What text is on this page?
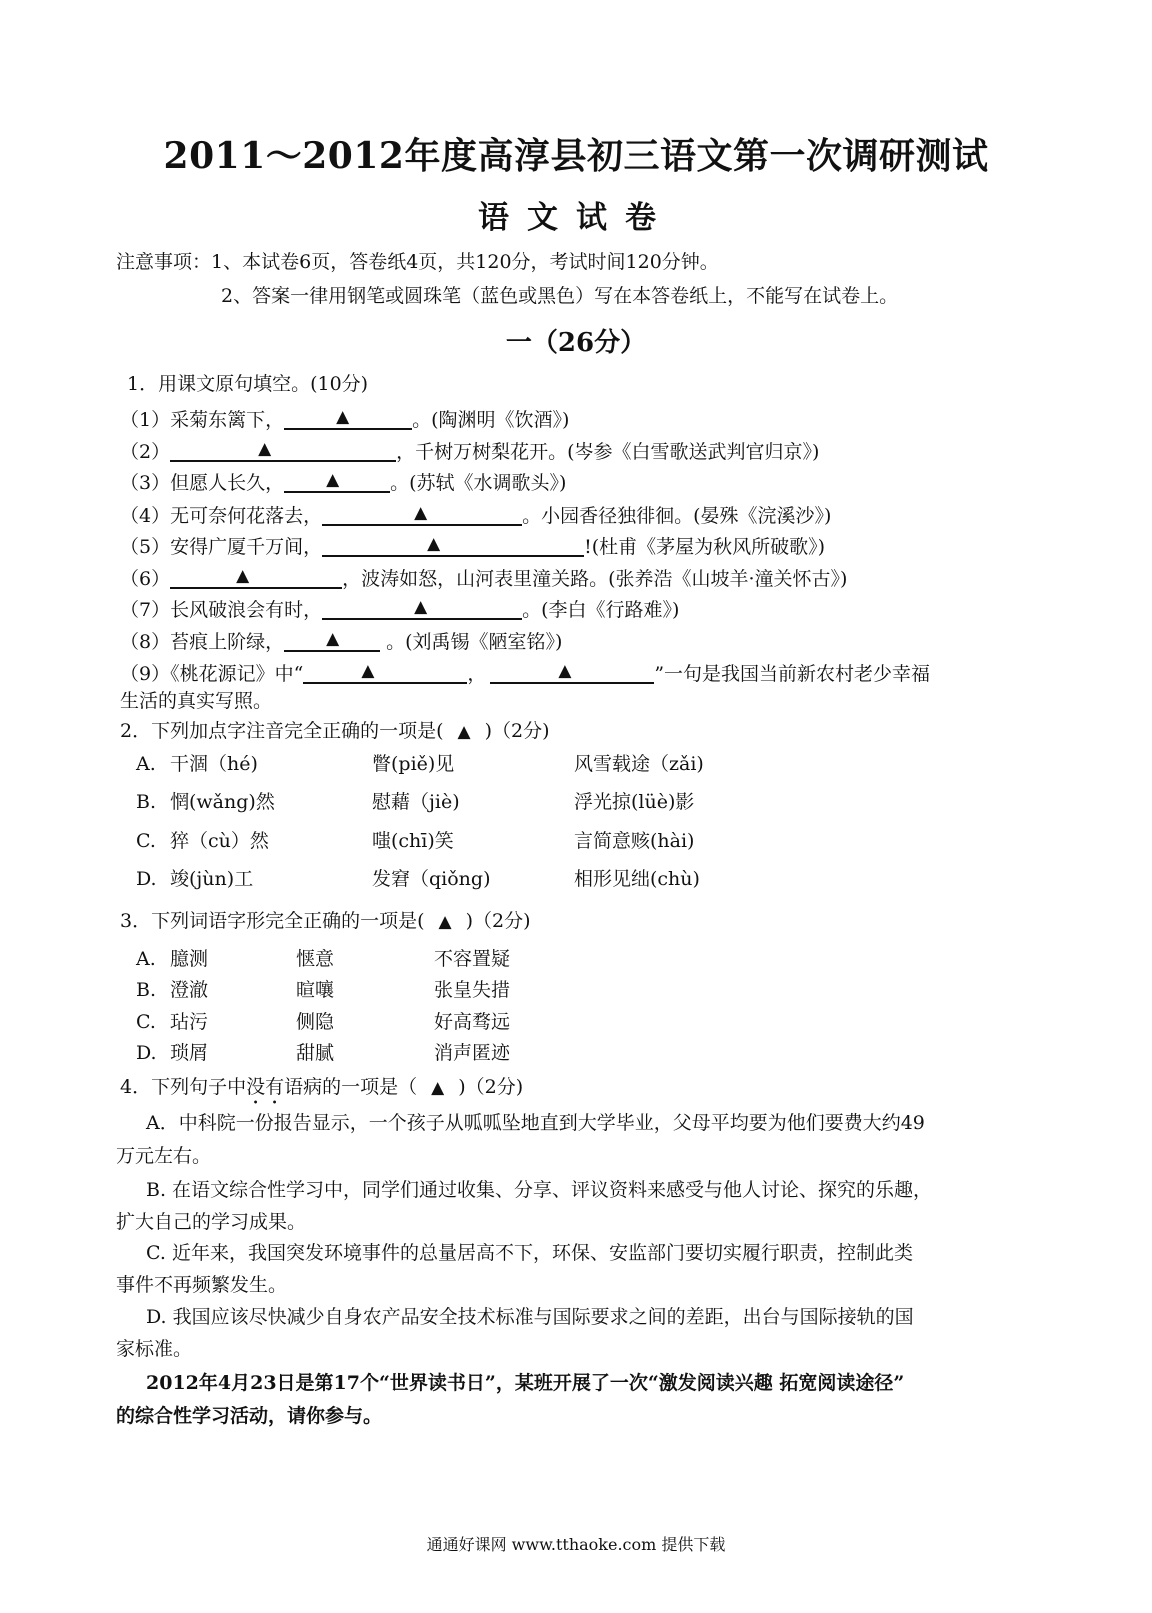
2011～2012年度高淳县初三语文第一次调研测试
语文试卷
注意事项：1、本试卷6页，答卷纸4页，共120分，考试时间120分钟。
2、答案一律用钢笔或圆珠笔（蓝色或黑色）写在本答卷纸上，不能写在试卷上。
一（26分）
1．用课文原句填空。(10分)
（1）采菊东篱下，	▲	。(陶渊明《饮酒》)
（2）	▲	，千树万树梨花开。(岑参《白雪歌送武判官归京》)
（3）但愿人长久， ▲	。(苏轼《水调歌头》)
（4）无可奈何花落去，	▲	。小园香径独徘徊。(晏殊《浣溪沙》)
（5）安得广厦千万间，	▲	!(杜甫《茅屋为秋风所破歌》)
（6）	▲	，波涛如怒，山河表里潼关路。(张养浩《山坡羊·潼关怀古》)
（7）长风破浪会有时，	▲	。(李白《行路难》)
（8）苔痕上阶绿， ▲ 。(刘禹锡《陋室铭》)
（9）《桃花源记》中“	▲	，	▲	”一句是我国当前新农村老少幸福
生活的真实写照。
2．下列加点字注音完全正确的一项是( ▲ )（2分)
A. 干涸（hé)	瞥(piě)见	风雪载途（zǎi)
B. 惘(wǎng)然	慰藉（jiè)	浮光掠(lüè)影
C. 猝（cù）然	嗤(chī)笑	言简意赅(hài)
D. 竣(jùn)工	发窘（qiǒng)	相形见绌(chù)
3．下列词语字形完全正确的一项是( ▲ )（2分)
A. 臆测	惬意	不容置疑
B. 澄澈	暄嚷	张皇失措
C. 玷污	侧隐	好高骛远
D. 琐屑	甜腻	消声匿迹
4．下列句子中没有语病的一项是（ ▲ )（2分)
A．中科院一份报告显示，一个孩子从呱呱坠地直到大学毕业，父母平均要为他们要费大约49
万元左右。
B. 在语文综合性学习中，同学们通过收集、分享、评议资料来感受与他人讨论、探究的乐趣，
扩大自己的学习成果。
C. 近年来，我国突发环境事件的总量居高不下，环保、安监部门要切实履行职责，控制此类
事件不再频繁发生。
D. 我国应该尽快减少自身农产品安全技术标准与国际要求之间的差距，出台与国际接轨的国
家标准。
2012年4月23日是第17个“世界读书日”，某班开展了一次“激发阅读兴趣 拓宽阅读途径”
的综合性学习活动，请你参与。
通通好课网 www.tthaoke.com 提供下载
